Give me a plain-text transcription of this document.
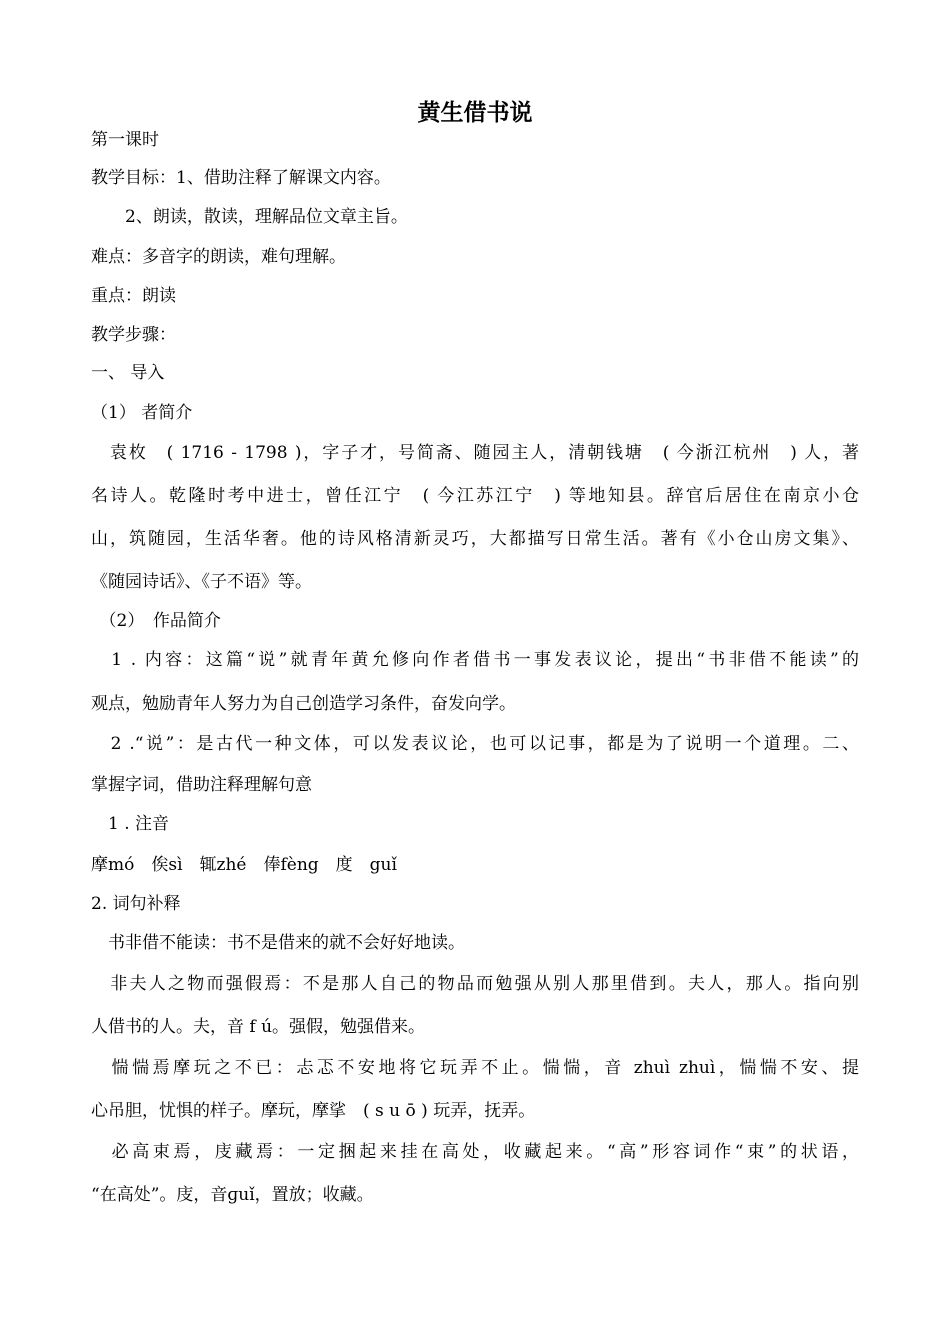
黄生借书说
第一课时
教学目标：1、借助注释了解课文内容。
　　2、朗读，散读，理解品位文章主旨。
难点：多音字的朗读，难句理解。
重点：朗读
教学步骤：
一、 导入
（1） 者简介
　袁枚　( 1716 - 1798 )，字子才，号简斋、随园主人，清朝钱塘　( 今浙江杭州　) 人，著
名诗人。乾隆时考中进士，曾任江宁　( 今江苏江宁　) 等地知县。辞官后居住在南京小仓
山，筑随园，生活华奢。他的诗风格清新灵巧，大都描写日常生活。著有《小仓山房文集》、
《随园诗话》、《子不语》等。
　（2）　作品简介
　1 . 内容：这篇“说”就青年黄允修向作者借书一事发表议论，提出“书非借不能读”的
观点，勉励青年人努力为自己创造学习条件，奋发向学。
　2 .“说”：是古代一种文体，可以发表议论，也可以记事，都是为了说明一个道理。二、
掌握字词，借助注释理解句意
　1 . 注音
摩mó　俟sì　辄zhé　俸fèng　度　guǐ
2. 词句补释
　书非借不能读：书不是借来的就不会好好地读。
　非夫人之物而强假焉：不是那人自己的物品而勉强从别人那里借到。夫人，那人。指向别
人借书的人。夫，音 f ú。强假，勉强借来。
　惴惴焉摩玩之不已：忐忑不安地将它玩弄不止。惴惴，音 zhuì zhuì，惴惴不安、提
心吊胆，忧惧的样子。摩玩，摩挲　( s u ō ) 玩弄，抚弄。
　必高束焉，庋藏焉：一定捆起来挂在高处，收藏起来。“高”形容词作“束”的状语，
“在高处”。庋，音ɡuǐ，置放；收藏。
